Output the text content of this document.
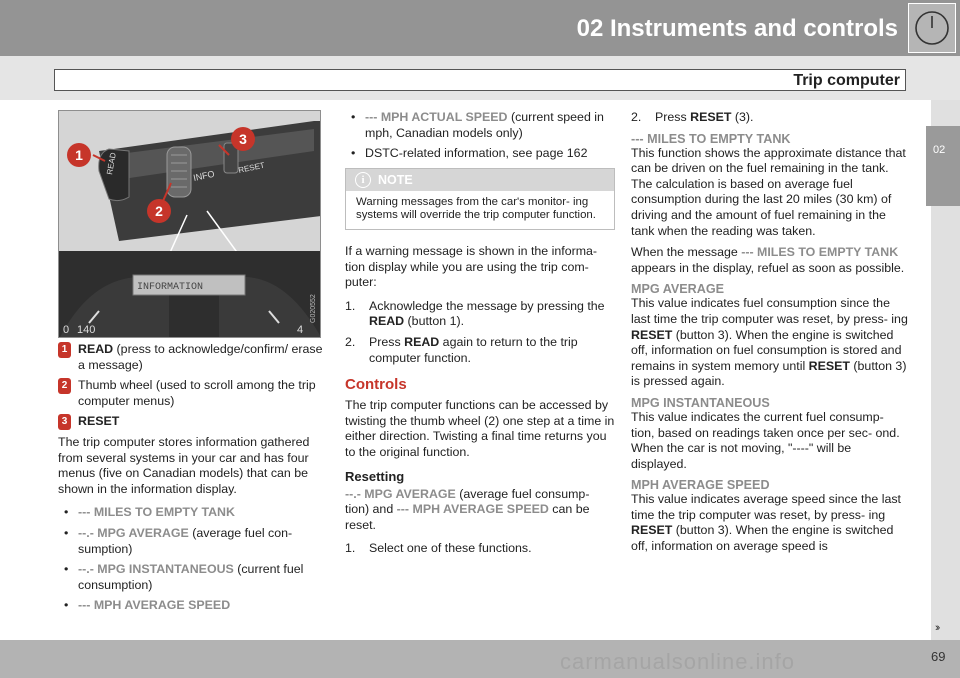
02 Instruments and controls
Trip computer
02
››
carmanualsonline.info	69
READ
INFO
RESET
INFORMATION
0 140	4
G020552
1
2
3
1 READ (press to acknowledge/confirm/ erase a message)
2 Thumb wheel (used to scroll among the trip computer menus)
3 RESET

The trip computer stores information gathered from several systems in your car and has four menus (five on Canadian models) that can be shown in the information display.

• --- MILES TO EMPTY TANK
• --.- MPG AVERAGE (average fuel con- sumption)
• --.- MPG INSTANTANEOUS (current fuel consumption)
• --- MPH AVERAGE SPEED
• --- MPH ACTUAL SPEED (current speed in mph, Canadian models only)
• DSTC-related information, see page 162
i	NOTE
Warning messages from the car's monitor- ing systems will override the trip computer function.

If a warning message is shown in the informa- tion display while you are using the trip com- puter:

1. Acknowledge the message by pressing the READ (button 1).
2. Press READ again to return to the trip computer function.
Controls

The trip computer functions can be accessed by twisting the thumb wheel (2) one step at a time in either direction. Twisting a final time returns you to the original function.

Resetting

--.- MPG AVERAGE (average fuel consump- tion) and --- MPH AVERAGE SPEED can be reset.

1. Select one of these functions.
2. Press RESET (3).
--- MILES TO EMPTY TANK

This function shows the approximate distance that can be driven on the fuel remaining in the tank. The calculation is based on average fuel consumption during the last 20 miles (30 km) of driving and the amount of fuel remaining in the tank when the reading was taken.

When the message --- MILES TO EMPTY TANK appears in the display, refuel as soon as possible.

MPG AVERAGE

This value indicates fuel consumption since the last time the trip computer was reset, by press- ing RESET (button 3). When the engine is switched off, information on fuel consumption is stored and remains in system memory until RESET (button 3) is pressed again.

MPG INSTANTANEOUS

This value indicates the current fuel consump- tion, based on readings taken once per sec- ond. When the car is not moving, "----" will be displayed.

MPH AVERAGE SPEED

This value indicates average speed since the last time the trip computer was reset, by press- ing RESET (button 3). When the engine is switched off, information on average speed is
